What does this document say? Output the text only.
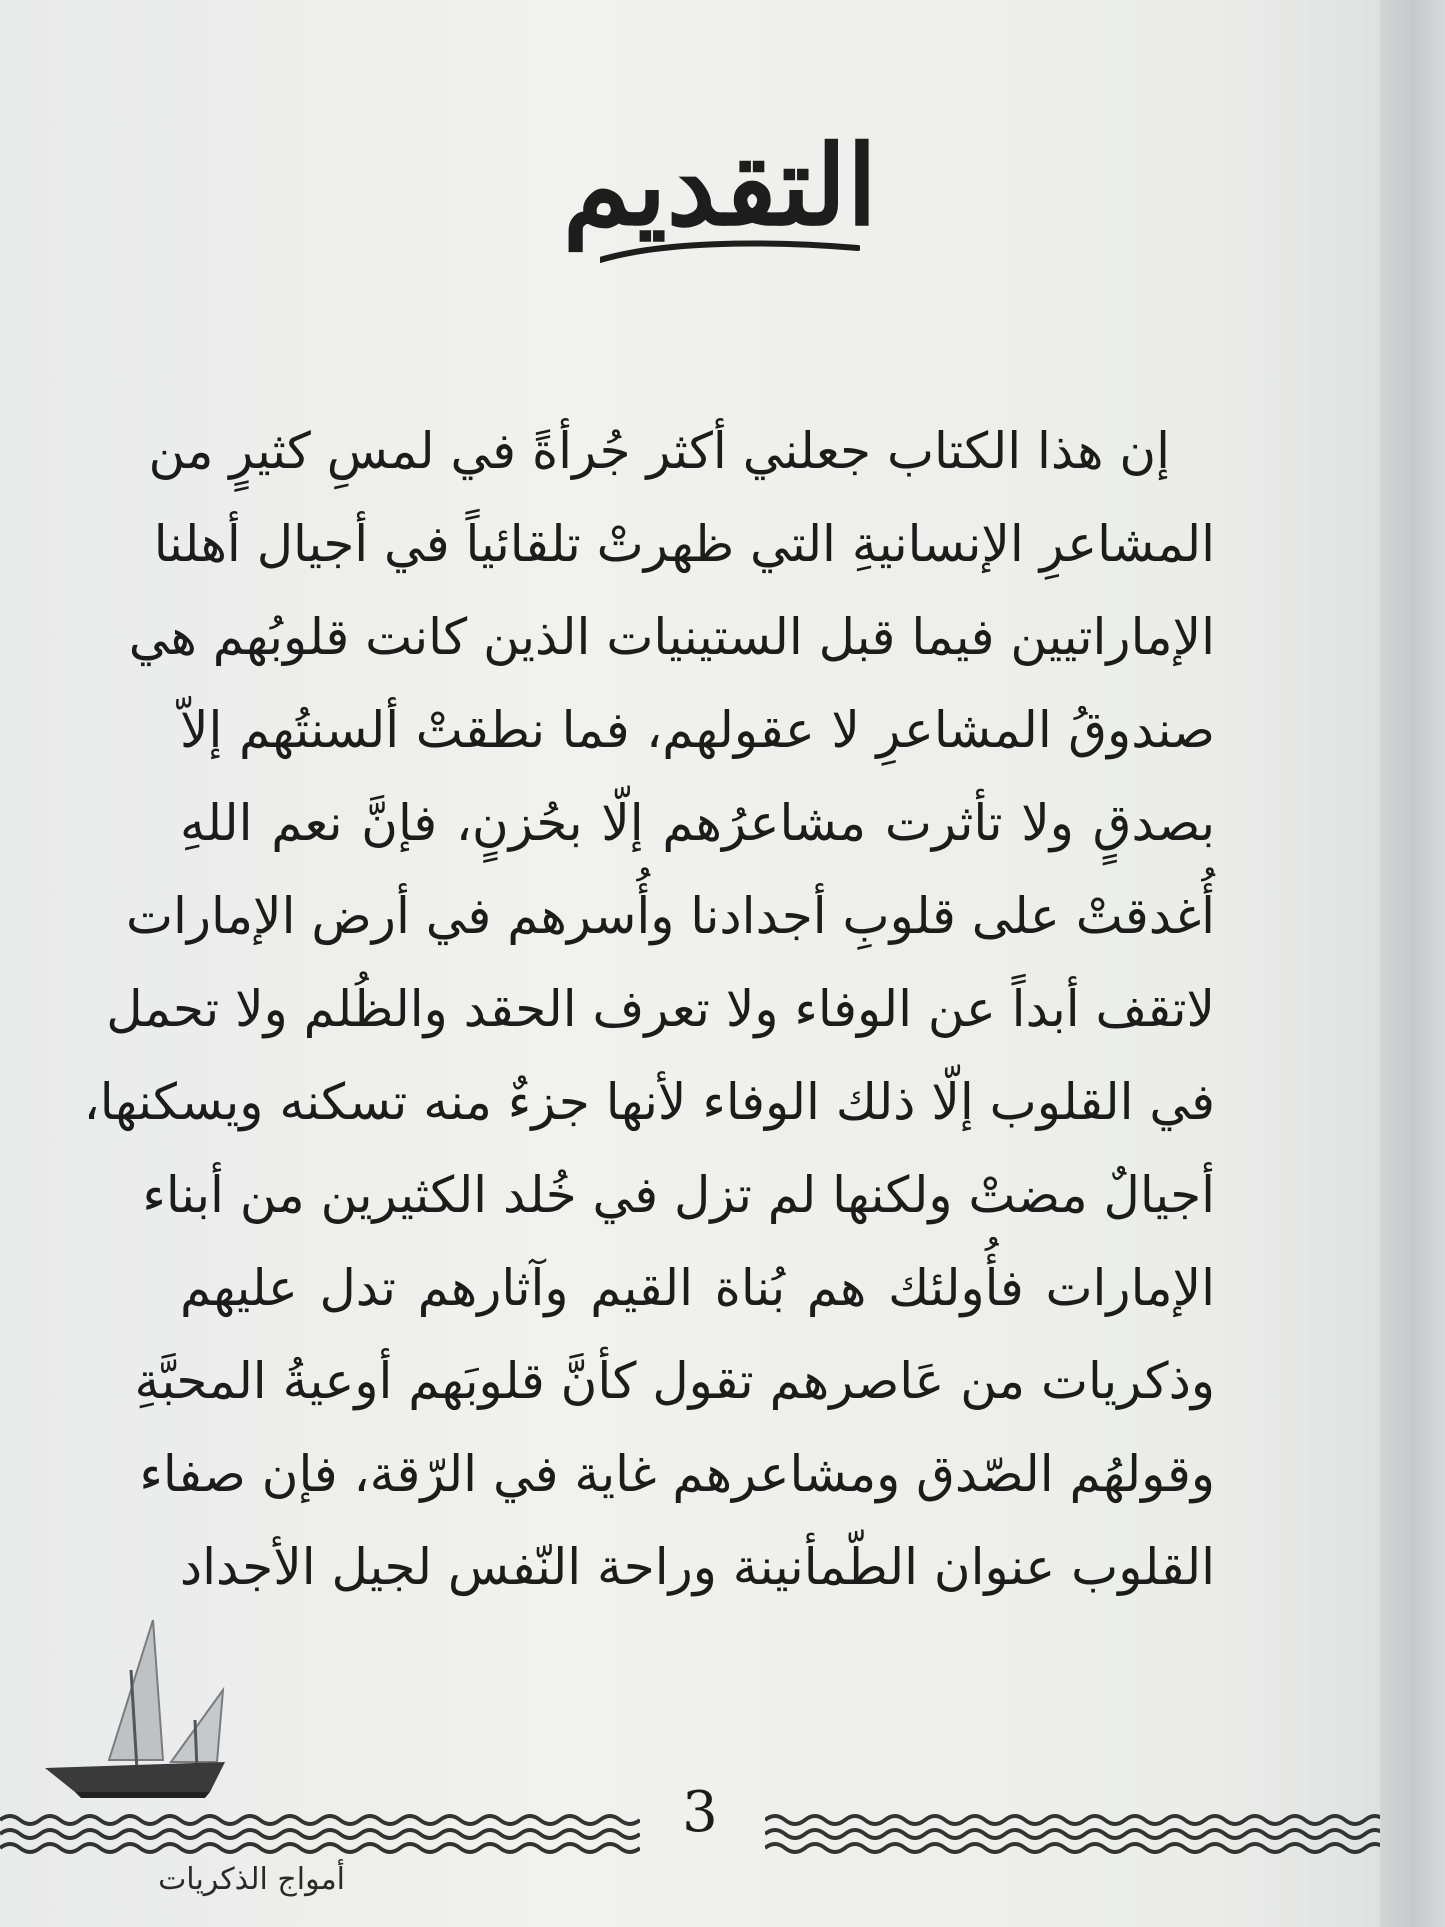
التقديم
إن هذا الكتاب جعلني أكثر جُرأةً في لمسِ كثيرٍ من
المشاعرِ الإنسانيةِ التي ظهرتْ تلقائياً في أجيال أهلنا
الإماراتيين فيما قبل الستينيات الذين كانت قلوبُهم هي
صندوقُ المشاعرِ لا عقولهم، فما نطقتْ ألسنتُهم إلاّ
بصدقٍ ولا تأثرت مشاعرُهم إلّا بحُزنٍ، فإنَّ نعم اللهِ
أُغدقتْ على قلوبِ أجدادنا وأُسرهم في أرض الإمارات
لاتقف أبداً عن الوفاء ولا تعرف الحقد والظُلم ولا تحمل
في القلوب إلّا ذلك الوفاء لأنها جزءٌ منه تسكنه ويسكنها،
أجيالٌ مضتْ ولكنها لم تزل في خُلد الكثيرين من أبناء
الإمارات فأُولئك هم بُناة القيم وآثارهم تدل عليهم
وذكريات من عَاصرهم تقول كأنَّ قلوبَهم أوعيةُ المحبَّةِ
وقولهُم الصّدق ومشاعرهم غاية في الرّقة، فإن صفاء
القلوب عنوان الطّمأنينة وراحة النّفس لجيل الأجداد
3
أمواج الذكريات
